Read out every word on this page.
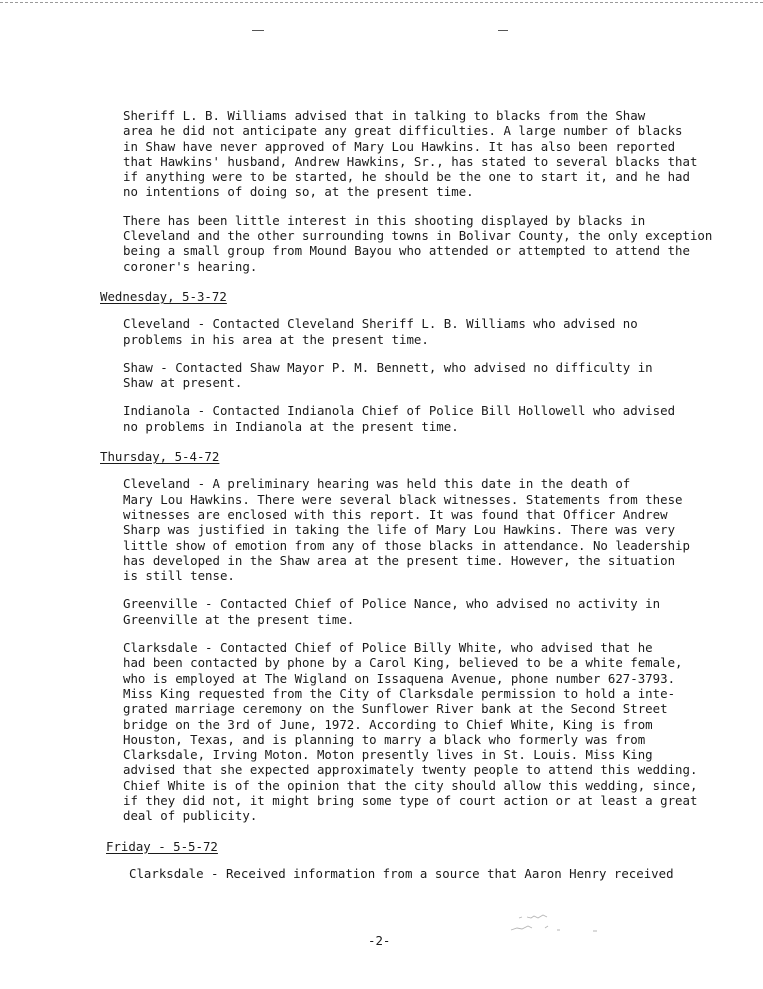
Sheriff L. B. Williams advised that in talking to blacks from the Shaw
area he did not anticipate any great difficulties. A large number of blacks
in Shaw have never approved of Mary Lou Hawkins. It has also been reported
that Hawkins' husband, Andrew Hawkins, Sr., has stated to several blacks that
if anything were to be started, he should be the one to start it, and he had
no intentions of doing so, at the present time.
There has been little interest in this shooting displayed by blacks in
Cleveland and the other surrounding towns in Bolivar County, the only exception
being a small group from Mound Bayou who attended or attempted to attend the
coroner's hearing.
Wednesday, 5-3-72
Cleveland - Contacted Cleveland Sheriff L. B. Williams who advised no
problems in his area at the present time.
Shaw - Contacted Shaw Mayor P. M. Bennett, who advised no difficulty in
Shaw at present.
Indianola - Contacted Indianola Chief of Police Bill Hollowell who advised
no problems in Indianola at the present time.
Thursday, 5-4-72
Cleveland - A preliminary hearing was held this date in the death of
Mary Lou Hawkins. There were several black witnesses. Statements from these
witnesses are enclosed with this report. It was found that Officer Andrew
Sharp was justified in taking the life of Mary Lou Hawkins. There was very
little show of emotion from any of those blacks in attendance. No leadership
has developed in the Shaw area at the present time. However, the situation
is still tense.
Greenville - Contacted Chief of Police Nance, who advised no activity in
Greenville at the present time.
Clarksdale - Contacted Chief of Police Billy White, who advised that he
had been contacted by phone by a Carol King, believed to be a white female,
who is employed at The Wigland on Issaquena Avenue, phone number 627-3793.
Miss King requested from the City of Clarksdale permission to hold a inte-
grated marriage ceremony on the Sunflower River bank at the Second Street
bridge on the 3rd of June, 1972. According to Chief White, King is from
Houston, Texas, and is planning to marry a black who formerly was from
Clarksdale, Irving Moton. Moton presently lives in St. Louis. Miss King
advised that she expected approximately twenty people to attend this wedding.
Chief White is of the opinion that the city should allow this wedding, since,
if they did not, it might bring some type of court action or at least a great
deal of publicity.
Friday - 5-5-72
Clarksdale - Received information from a source that Aaron Henry received
-2-
